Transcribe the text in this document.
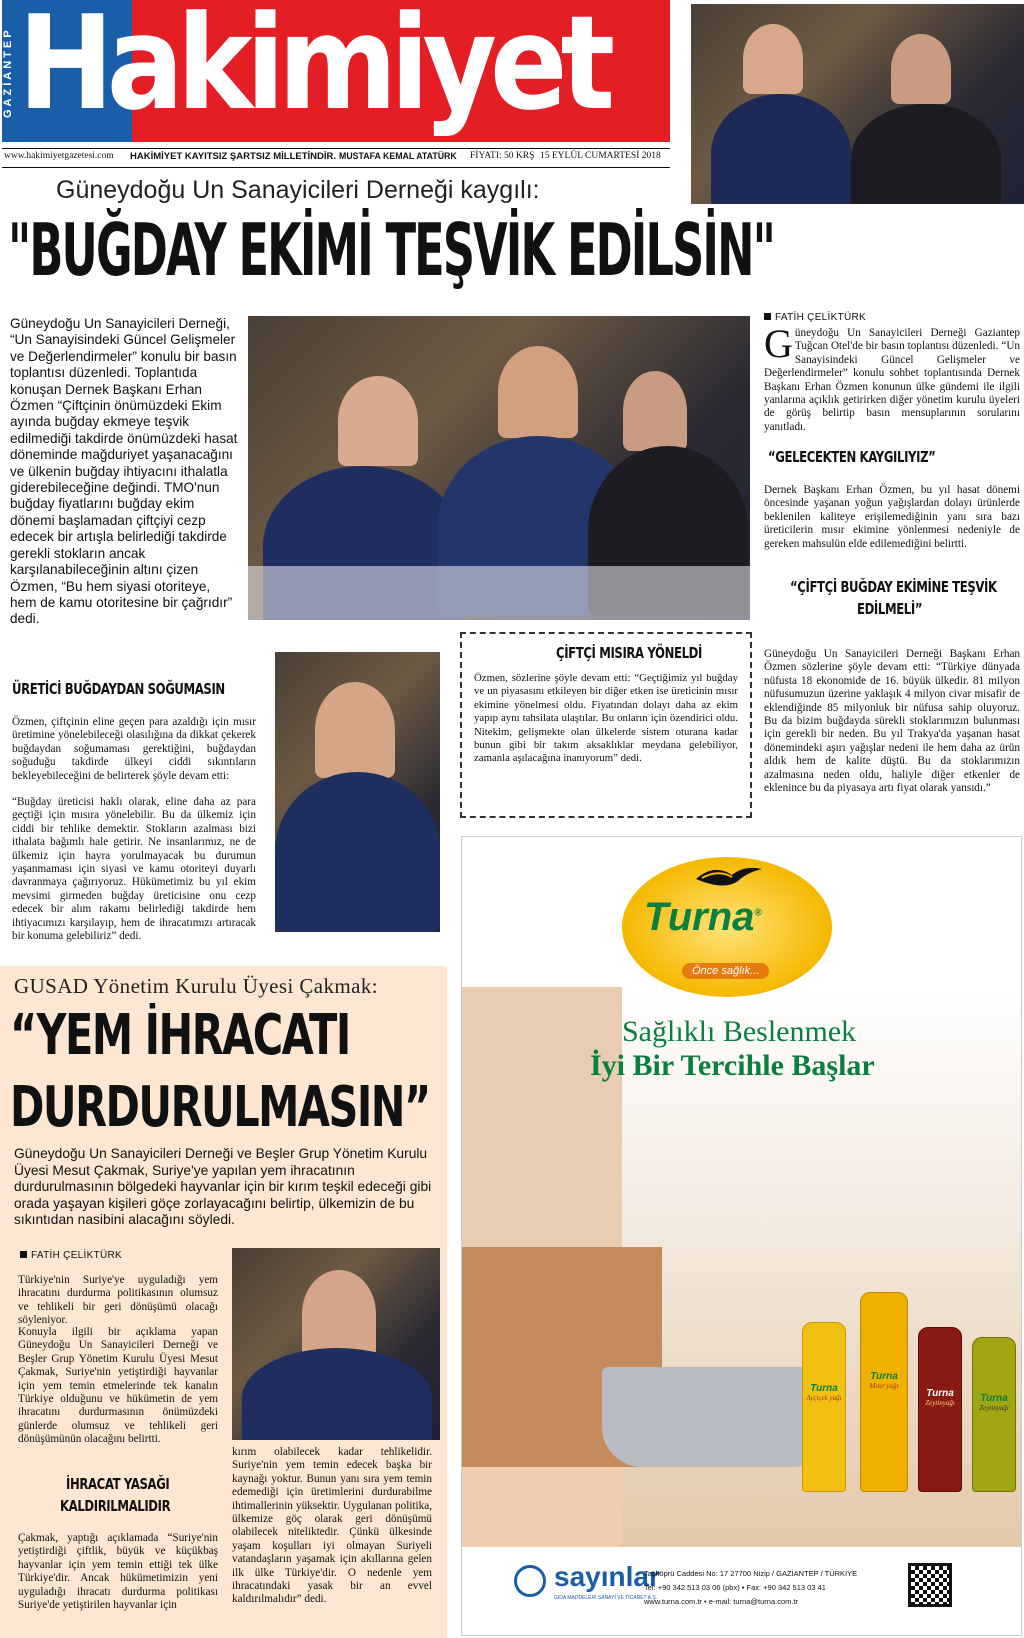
GAZİANTEP Hakimiyet
www.hakimiyetgazetesi.com HAKİMİYET KAYITSIZ ŞARTSIZ MİLLETİNDİR. MUSTAFA KEMAL ATATÜRK FİYATI: 50 KRŞ 15 EYLÜL CUMARTESİ 2018
Güneydoğu Un Sanayicileri Derneği kaygılı:
"BUĞDAY EKİMİ TEŞVİK EDİLSİN"

Güneydoğu Un Sanayicileri Derneği, “Un Sanayisindeki Güncel Gelişmeler ve Değerlendirmeler” konulu bir basın toplantısı düzenledi. Toplantıda konuşan Dernek Başkanı Erhan Özmen “Çiftçinin önümüzdeki Ekim ayında buğday ekmeye teşvik edilmediği takdirde önümüzdeki hasat döneminde mağduriyet yaşanacağını ve ülkenin buğday ihtiyacını ithalatla giderebileceğine değindi. TMO'nun buğday fiyatlarını buğday ekim dönemi başlamadan çiftçiyi cezp edecek bir artışla belirlediği takdirde gerekli stokların ancak karşılanabileceğinin altını çizen Özmen, “Bu hem siyasi otoriteye, hem de kamu otoritesine bir çağrıdır” dedi.

FATİH ÇELİKTÜRK
G üneydoğu Un Sanayicileri Derneği Gaziantep Tuğcan Otel'de bir basın toplantısı düzenledi. “Un Sanayisindeki Güncel Gelişmeler ve Değerlendirmeler” konulu sohbet toplantısında Dernek Başkanı Erhan Özmen konunun ülke gündemi ile ilgili yanlarına açıklık getirirken diğer yönetim kurulu üyeleri de görüş belirtip basın mensuplarının sorularını yanıtladı.

“GELECEKTEN KAYGILIYIZ”

Dernek Başkanı Erhan Özmen, bu yıl hasat dönemi öncesinde yaşanan yoğun yağışlardan dolayı ürünlerde beklenilen kaliteye erişilemediğinin yanı sıra bazı üreticilerin mısır ekimine yönlenmesi nedeniyle de gereken mahsulün elde edilemediğini belirtti.

“ÇİFTÇİ BUĞDAY EKİMİNE TEŞVİK
EDİLMELİ”

Güneydoğu Un Sanayicileri Derneği Başkanı Erhan Özmen sözlerine şöyle devam etti: “Türkiye dünyada nüfusta 18 ekonomide de 16. büyük ülkedir. 81 milyon nüfusumuzun üzerine yaklaşık 4 milyon civar misafir de eklendiğinde 85 milyonluk bir nüfusa sahip oluyoruz. Bu da bizim buğdayda sürekli stoklarımızın bulunması için gerekli bir neden. Bu yıl Trakya'da yaşanan hasat dönemindeki aşırı yağışlar nedeni ile hem daha az ürün aldık hem de kalite düştü. Bu da stoklarımızın azalmasına neden oldu, haliyle diğer etkenler de eklenince bu da piyasaya artı fiyat olarak yansıdı.”

ÜRETİCİ BUĞDAYDAN SOĞUMASIN

Özmen, çiftçinin eline geçen para azaldığı için mısır üretimine yönelebileceği olasılığına da dikkat çekerek buğdaydan soğumaması gerektiğini, buğdaydan soğuduğu takdirde ülkeyi ciddi sıkıntıların bekleyebileceğini de belirterek şöyle devam etti:

“Buğday üreticisi haklı olarak, eline daha az para geçtiği için mısıra yönelebilir. Bu da ülkemiz için ciddi bir tehlike demektir. Stokların azalması bizi ithalata bağımlı hale getirir. Ne insanlarımız, ne de ülkemiz için hayra yorulmayacak bu durumun yaşanmaması için siyasi ve kamu otoriteyi duyarlı davranmaya çağırıyoruz. Hükümetimiz bu yıl ekim mevsimi girmeden buğday üreticisine onu cezp edecek bir alım rakamı belirlediği takdirde hem ihtiyacımızı karşılayıp, hem de ihracatımızı artıracak bir konuma gelebiliriz” dedi.

ÇİFTÇİ MISIRA YÖNELDİ

Özmen, sözlerine şöyle devam etti: “Geçtiğimiz yıl buğday ve un piyasasını etkileyen bir diğer etken ise üreticinin mısır ekimine yönelmesi oldu. Fiyatından dolayı daha az ekim yapıp aynı tahsilata ulaştılar. Bu onların için özendirici oldu. Nitekim, gelişmekte olan ülkelerde sistem oturana kadar bunun gibi bir takım aksaklıklar meydana gelebiliyor, zamanla aşılacağına inanıyorum” dedi.

GUSAD Yönetim Kurulu Üyesi Çakmak:
“YEM İHRACATI
DURDURULMASIN”

Güneydoğu Un Sanayicileri Derneği ve Beşler Grup Yönetim Kurulu Üyesi Mesut Çakmak, Suriye'ye yapılan yem ihracatının durdurulmasının bölgedeki hayvanlar için bir kırım teşkil edeceği gibi orada yaşayan kişileri göçe zorlayacağını belirtip, ülkemizin de bu sıkıntıdan nasibini alacağını söyledi.

FATİH ÇELİKTÜRK

Türkiye'nin Suriye'ye uyguladığı yem ihracatını durdurma politikasının olumsuz ve tehlikeli bir geri dönüşümü olacağı söyleniyor.

Konuyla ilgili bir açıklama yapan Güneydoğu Un Sanayicileri Derneği ve Beşler Grup Yönetim Kurulu Üyesi Mesut Çakmak, Suriye'nin yetiştirdiği hayvanlar için yem temin etmelerinde tek kanalın Türkiye olduğunu ve hükümetin de yem ihracatını durdurmasının önümüzdeki günlerde olumsuz ve tehlikeli geri dönüşümünün olacağını belirtti.

İHRACAT YASAĞI
KALDIRILMALIDIR

Çakmak, yaptığı açıklamada “Suriye'nin yetiştirdiği çiftlik, büyük ve küçükbaş hayvanlar için yem temin ettiği tek ülke Türkiye'dir. Ancak hükümetimizin yeni uyguladığı ihracatı durdurma politikası Suriye'de yetiştirilen hayvanlar için

kırım olabilecek kadar tehlikelidir. Suriye'nin yem temin edecek başka bir kaynağı yoktur. Bunun yanı sıra yem temin edemediği için üretimlerini durdurabilme ihtimallerinin yüksektir. Uygulanan politika, ülkemize göç olarak geri dönüşümü olabilecek niteliktedir. Çünkü ülkesinde yaşam koşulları iyi olmayan Suriyeli vatandaşların yaşamak için akıllarına gelen ilk ülke Türkiye'dir. O nedenle yem ihracatındaki yasak bir an evvel kaldırılmalıdır” dedi.

Turna
Ayçiçek yağı
Turna
Mısır yağı
Turna
Zeytinyağı	Turna
Zeytinyağı
Turna®
Önce sağlık...
Sağlıklı Beslenmek
İyi Bir Tercihle Başlar
sayınlar
GIDA MADDELERİ SANAYİ VE TİCARET A.Ş.
Taşköprü Caddesi No: 17 27700 Nizip / GAZİANTEP / TÜRKİYE
Tel: +90 342 513 03 06 (pbx) • Fax: +90 342 513 03 41
www.turna.com.tr • e-mail: turna@turna.com.tr
